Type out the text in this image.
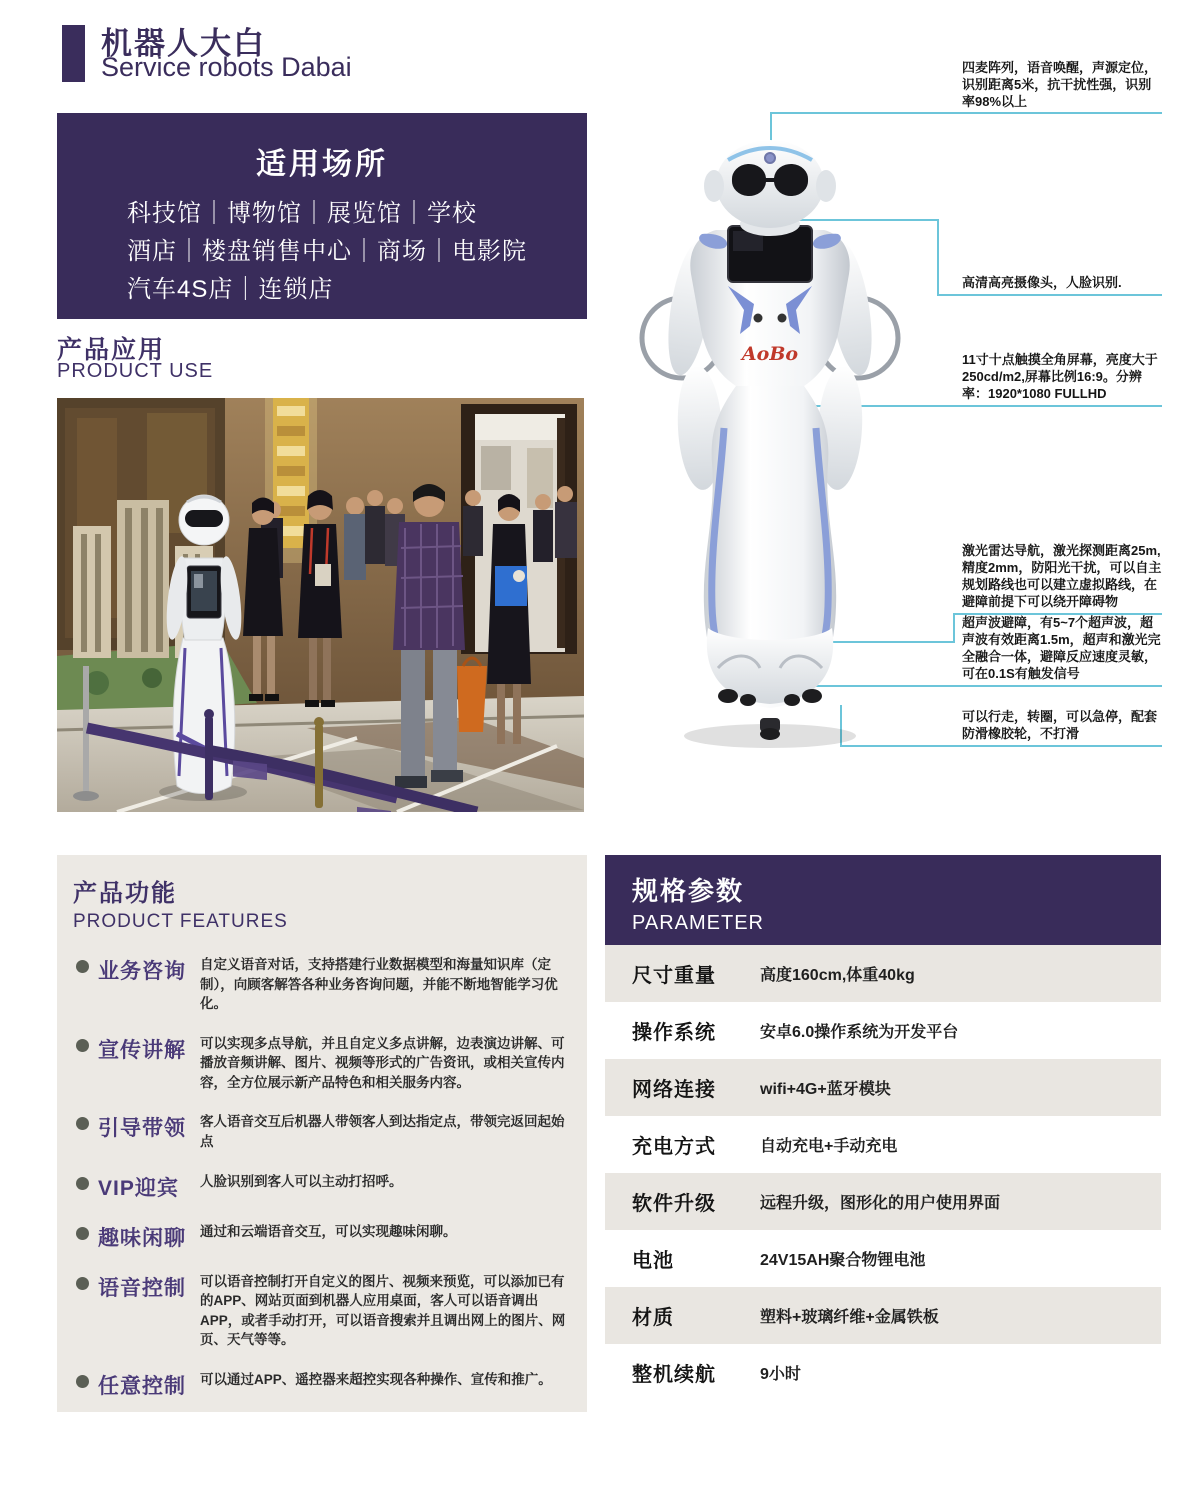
机器人大白
Service robots Dabai
适用场所
科技馆｜博物馆｜展览馆｜学校
酒店｜楼盘销售中心｜商场｜电影院
汽车4S店｜连锁店
产品应用
PRODUCT USE
四麦阵列，语音唤醒，声源定位，识别距离5米，抗干扰性强，识别率98%以上
高清高亮摄像头，人脸识别.
11寸十点触摸全角屏幕，亮度大于250cd/m2,屏幕比例16:9。分辨率：1920*1080 FULLHD
激光雷达导航，激光探测距离25m,精度2mm，防阳光干扰，可以自主规划路线也可以建立虚拟路线，在避障前提下可以绕开障碍物
超声波避障，有5~7个超声波，超声波有效距离1.5m，超声和激光完全融合一体，避障反应速度灵敏，可在0.1S有触发信号
可以行走，转圈，可以急停，配套防滑橡胶轮，不打滑
AoBo
产品功能
PRODUCT FEATURES
业务咨询	自定义语音对话，支持搭建行业数据模型和海量知识库（定制），向顾客解答各种业务咨询问题，并能不断地智能学习优化。
宣传讲解	可以实现多点导航，并且自定义多点讲解，边表演边讲解、可播放音频讲解、图片、视频等形式的广告资讯，或相关宣传内容，全方位展示新产品特色和相关服务内容。
引导带领	客人语音交互后机器人带领客人到达指定点，带领完返回起始点
VIP迎宾	人脸识别到客人可以主动打招呼。
趣味闲聊	通过和云端语音交互，可以实现趣味闲聊。
语音控制	可以语音控制打开自定义的图片、视频来预览，可以添加已有的APP、网站页面到机器人应用桌面，客人可以语音调出APP，或者手动打开，可以语音搜索并且调出网上的图片、网页、天气等等。
任意控制	可以通过APP、遥控器来超控实现各种操作、宣传和推广。
规格参数
PARAMETER
尺寸重量	高度160cm,体重40kg
操作系统	安卓6.0操作系统为开发平台
网络连接	wifi+4G+蓝牙模块
充电方式	自动充电+手动充电
软件升级	远程升级，图形化的用户使用界面
电池	24V15AH聚合物锂电池
材质	塑料+玻璃纤维+金属铁板
整机续航	9小时
